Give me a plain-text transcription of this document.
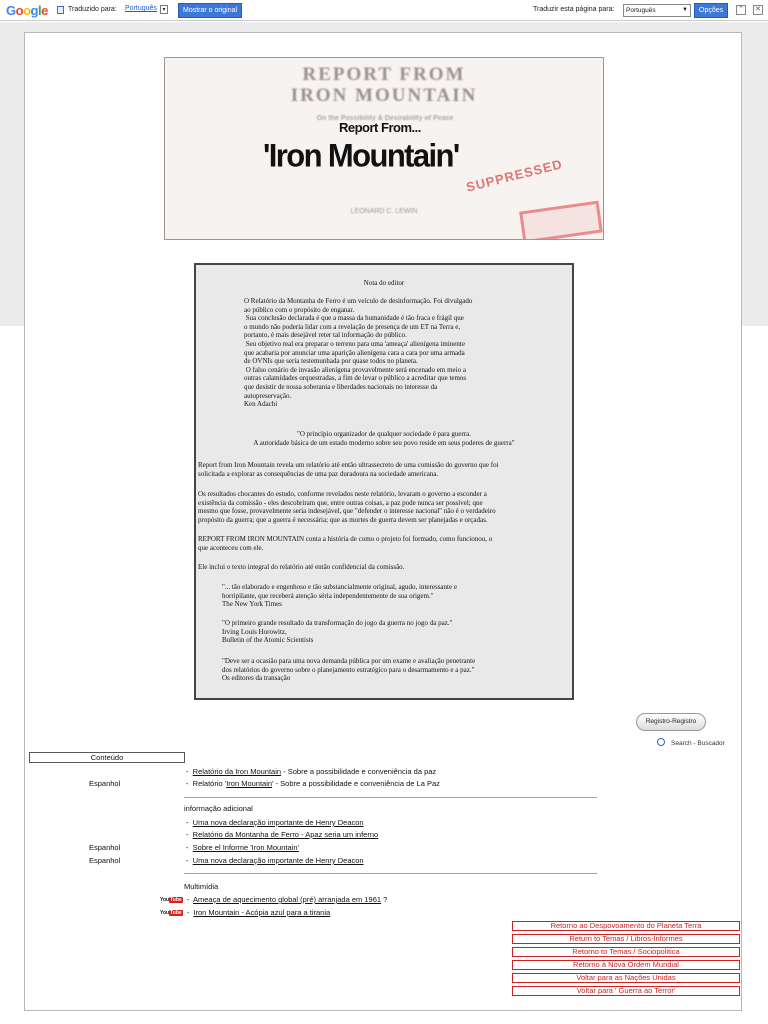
Google	Traduzido para: Português ▾	Mostrar o original	Traduzir esta página para:	Português	▼	Opções	⌃ ✕
REPORT FROM
IRON MOUNTAIN
On the Possibility & Desirability of Peace
SUPPRESSED
Report From...
'Iron Mountain'
LEONARD C. LEWIN
Nota do editor
O Relatório da Montanha de Ferro é um veículo de desinformação. Foi divulgado
ao público com o propósito de enganar.
Sua conclusão declarada é que a massa da humanidade é tão fraca e frágil que
o mundo não poderia lidar com a revelação de presença de um ET na Terra e,
portanto, é mais desejável reter tal informação do público.
Seu objetivo real era preparar o terreno para uma 'ameaça' alienígena iminente
que acabaria por anunciar uma aparição alienígena cara a cara por uma armada
de OVNIs que seria testemunhada por quase todos no planeta.
O falso cenário de invasão alienígena provavelmente será encenado em meio a
outras calamidades orquestradas, a fim de levar o público a acreditar que temos
que desistir de nossa soberania e liberdades nacionais no interesse da
autopreservação.
Ken Adachi
"O princípio organizador de qualquer sociedade é para guerra.
A autoridade básica de um estado moderno sobre seu povo reside em seus poderes de guerra"
Report from Iron Mountain revela um relatório até então ultrassecreto de uma comissão do governo que foi
solicitada a explorar as consequências de uma paz duradoura na sociedade americana.
Os resultados chocantes do estudo, conforme revelados neste relatório, levaram o governo a esconder a
existência da comissão - eles descobriram que, entre outras coisas, a paz pode nunca ser possível; que
mesmo que fosse, provavelmente seria indesejável, que "defender o interesse nacional" não é o verdadeiro
propósito da guerra; que a guerra é necessária; que as mortes de guerra devem ser planejadas e orçadas.
REPORT FROM IRON MOUNTAIN conta a história de como o projeto foi formado, como funcionou, o
que aconteceu com ele.
Ele inclui o texto integral do relatório até então confidencial da comissão.
"... tão elaborado e engenhoso e tão substancialmente original, agudo, interessante e
horripilante, que receberá atenção séria independentemente de sua origem."
The New York Times
"O primeiro grande resultado da transformação do jogo da guerra no jogo da paz."
Irving Louis Horowitz,
Bulletin of the Atomic Scientists
"Deve ser a ocasião para uma nova demanda pública por um exame e avaliação penetrante
dos relatórios do governo sobre o planejamento estratégico para o desarmamento e a paz."
Os editores da transação
Registro-Registro
Search - Buscador
Conteúdo
- Relatório da Iron Mountain - Sobre a possibilidade e conveniência da paz
Espanhol	- Relatório 'Iron Mountain' - Sobre a possibilidade e conveniência de La Paz
informação adicional
- Uma nova declaração importante de Henry Deacon
- Relatório da Montanha de Ferro - Apaz seria um inferno
Espanhol	- Sobre el Informe 'Iron Mountain'
Espanhol	- Uma nova declaração importante de Henry Deacon
Multimídia
YouTube - Ameaça de aquecimento global (pré) arranjada em 1961 ?
YouTube - Iron Mountain - Acópia azul para a tirania
Retorno ao Despovoamento do Planeta Terra
Return to Temas / Libros-Informes
Retorno to Temas / Sociopolitica
Retorno à Nova Ordem Mundial
Voltar para as Nações Unidas
Voltar para ' Guerra ao Terror'
